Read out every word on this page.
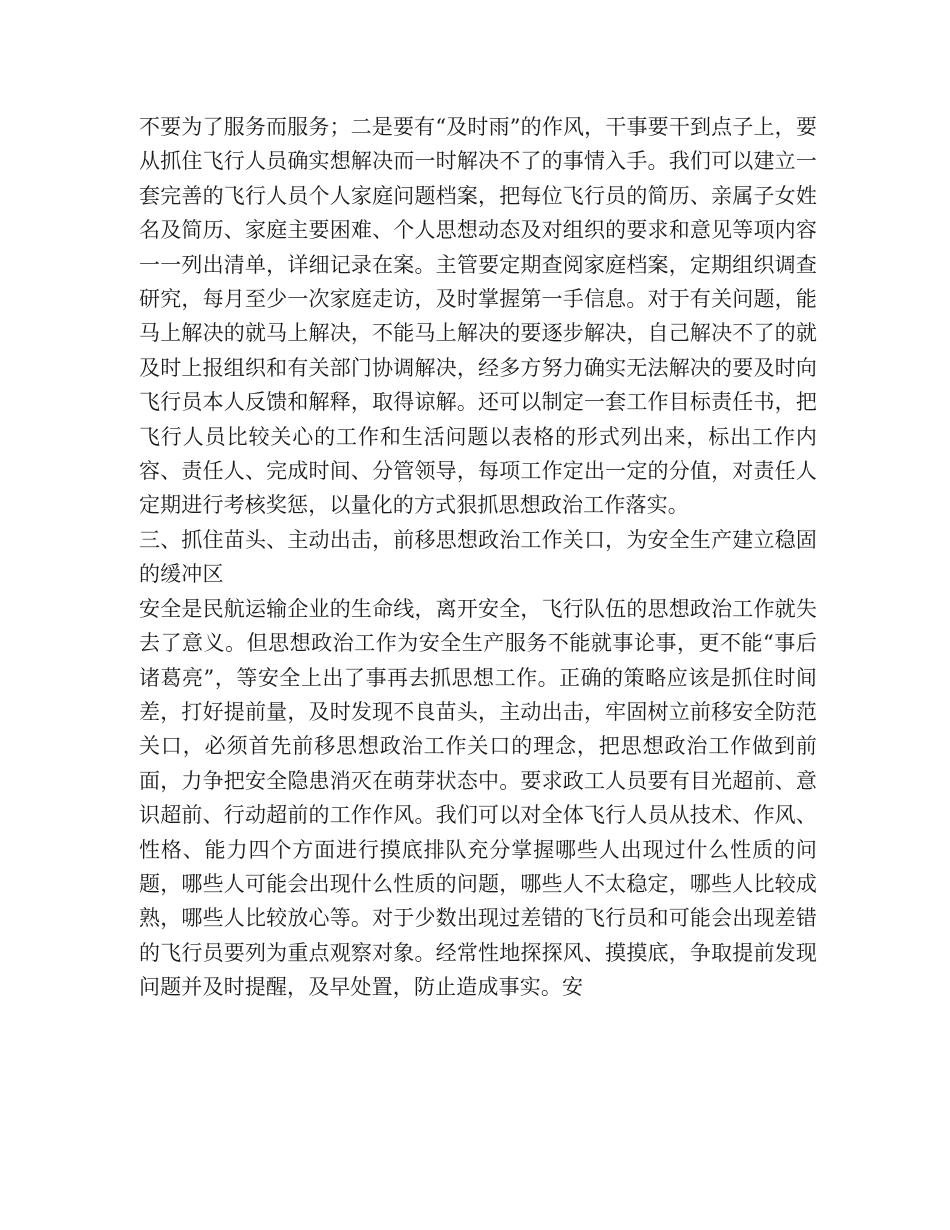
不要为了服务而服务；二是要有“及时雨”的作风，干事要干到点子上，要从抓住飞行人员确实想解决而一时解决不了的事情入手。我们可以建立一套完善的飞行人员个人家庭问题档案，把每位飞行员的简历、亲属子女姓名及简历、家庭主要困难、个人思想动态及对组织的要求和意见等项内容一一列出清单，详细记录在案。主管要定期查阅家庭档案，定期组织调查研究，每月至少一次家庭走访，及时掌握第一手信息。对于有关问题，能马上解决的就马上解决，不能马上解决的要逐步解决，自己解决不了的就及时上报组织和有关部门协调解决，经多方努力确实无法解决的要及时向飞行员本人反馈和解释，取得谅解。还可以制定一套工作目标责任书，把飞行人员比较关心的工作和生活问题以表格的形式列出来，标出工作内容、责任人、完成时间、分管领导，每项工作定出一定的分值，对责任人定期进行考核奖惩，以量化的方式狠抓思想政治工作落实。

三、抓住苗头、主动出击，前移思想政治工作关口，为安全生产建立稳固的缓冲区

安全是民航运输企业的生命线，离开安全，飞行队伍的思想政治工作就失去了意义。但思想政治工作为安全生产服务不能就事论事，更不能“事后诸葛亮”，等安全上出了事再去抓思想工作。正确的策略应该是抓住时间差，打好提前量，及时发现不良苗头，主动出击，牢固树立前移安全防范关口，必须首先前移思想政治工作关口的理念，把思想政治工作做到前面，力争把安全隐患消灭在萌芽状态中。要求政工人员要有目光超前、意识超前、行动超前的工作作风。我们可以对全体飞行人员从技术、作风、性格、能力四个方面进行摸底排队充分掌握哪些人出现过什么性质的问题，哪些人可能会出现什么性质的问题，哪些人不太稳定，哪些人比较成熟，哪些人比较放心等。对于少数出现过差错的飞行员和可能会出现差错的飞行员要列为重点观察对象。经常性地探探风、摸摸底，争取提前发现问题并及时提醒，及早处置，防止造成事实。安
